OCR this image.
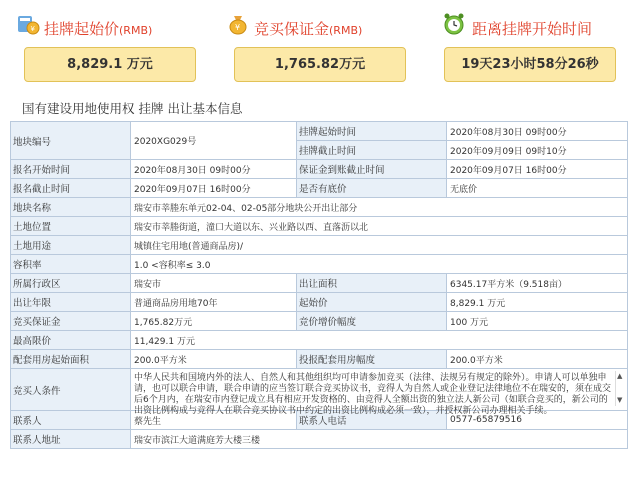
¥ 挂牌起始价(RMB)
8,829.1 万元
¥ 竞买保证金(RMB)
1,765.82万元
距离挂牌开始时间
19天23小时58分26秒
国有建设用地使用权 挂牌 出让基本信息
地块编号	2020XG029号	挂牌起始时间	2020年08月30日 09时00分
		挂牌截止时间	2020年09月09日 09时10分
报名开始时间	2020年08月30日 09时00分	保证金到账截止时间	2020年09月07日 16时00分
报名截止时间	2020年09月07日 16时00分	是否有底价	无底价
地块名称	瑞安市莘塍东单元02-04、02-05部分地块公开出让部分		
土地位置	瑞安市莘塍街道，潼口大道以东、兴业路以西、直落沥以北		
土地用途	城镇住宅用地(普通商品房)/		
容积率	1.0 <容积率≤ 3.0		
所属行政区	瑞安市	出让面积	6345.17平方米（9.518亩）
出让年限	普通商品房用地70年	起始价	8,829.1 万元
竞买保证金	1,765.82万元	竞价增价幅度	100 万元
最高限价	11,429.1 万元		
配套用房起始面积	200.0平方米	投报配套用房幅度	200.0平方米
竞买人条件	中华人民共和国境内外的法人、自然人和其他组织均可申请参加竞买（法律、法规另有规定的除外）。申请人可以单独申请，也可以联合申请，联合申请的应当签订联合竞买协议书，竞得人为自然人或企业登记法律地位不在瑞安的，须在成交后6个月内，在瑞安市内登记成立具有相应开发资格的、由竞得人全额出资的独立法人新公司（如联合竞买的，新公司的出资比例构成与竞得人在联合竞买协议书中约定的出资比例构成必须一致），并授权新公司办理相关手续。
▲
▼		

联系人	蔡先生	联系人电话	0577-65879516
联系人地址	瑞安市滨江大道满庭芳大楼三楼		
